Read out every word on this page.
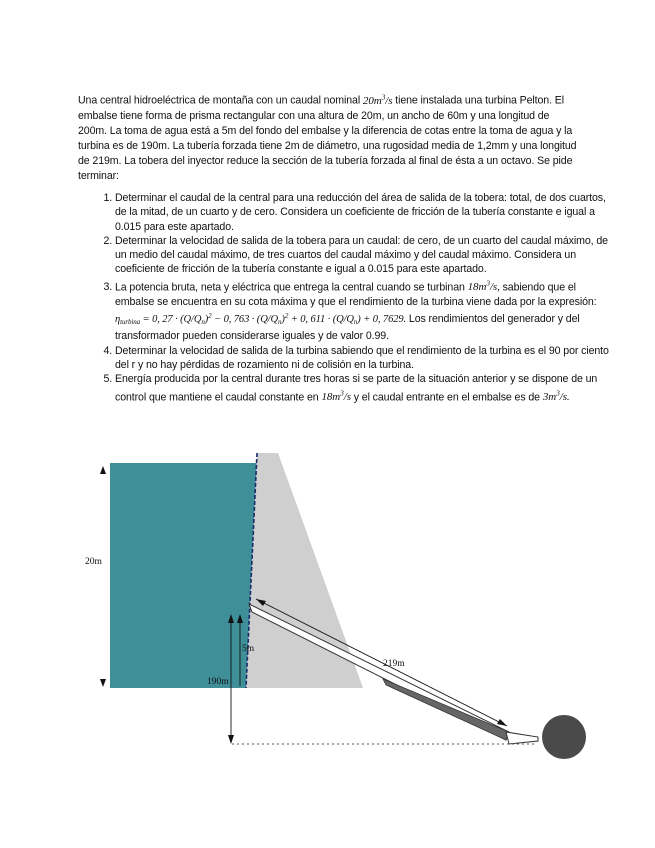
Una central hidroeléctrica de montaña con un caudal nominal $20m^3/s$ tiene instalada una turbina Pelton. El embalse tiene forma de prisma rectangular con una altura de 20m, un ancho de 60m y una longitud de 200m. La toma de agua está a 5m del fondo del embalse y la diferencia de cotas entre la toma de agua y la turbina es de 190m. La tubería forzada tiene 2m de diámetro, una rugosidad media de 1,2mm y una longitud de 219m. La tobera del inyector reduce la sección de la tubería forzada al final de ésta a un octavo. Se pide terminar:
1. Determinar el caudal de la central para una reducción del área de salida de la tobera: total, de dos cuartos, de la mitad, de un cuarto y de cero. Considera un coeficiente de fricción de la tubería constante e igual a 0.015 para este apartado.
2. Determinar la velocidad de salida de la tobera para un caudal: de cero, de un cuarto del caudal máximo, de un medio del caudal máximo, de tres cuartos del caudal máximo y del caudal máximo. Considera un coeficiente de fricción de la tubería constante e igual a 0.015 para este apartado.
3. La potencia bruta, neta y eléctrica que entrega la central cuando se turbinan $18m^3/s$, sabiendo que el embalse se encuentra en su cota máxima y que el rendimiento de la turbina viene dada por la expresión:
$\eta_{turbina} = 0$, $27 \cdot (Q/Q_n)^2 - 0$, $763 \cdot (Q/Q_n)^2 + 0$, $611 \cdot (Q/Q_n) + 0$, 7629. Los rendimientos del generador y del transformador pueden considerarse iguales y de valor 0.99.
4. Determinar la velocidad de salida de la turbina sabiendo que el rendimiento de la turbina es el 90 por ciento del r y no hay pérdidas de rozamiento ni de colisión en la turbina.
5. Energía producida por la central durante tres horas si se parte de la situación anterior y se dispone de un control que mantiene el caudal constante en $18m^3/s$ y el caudal entrante en el embalse es de $3m^3/s$.
20m
219m
5m
190m
